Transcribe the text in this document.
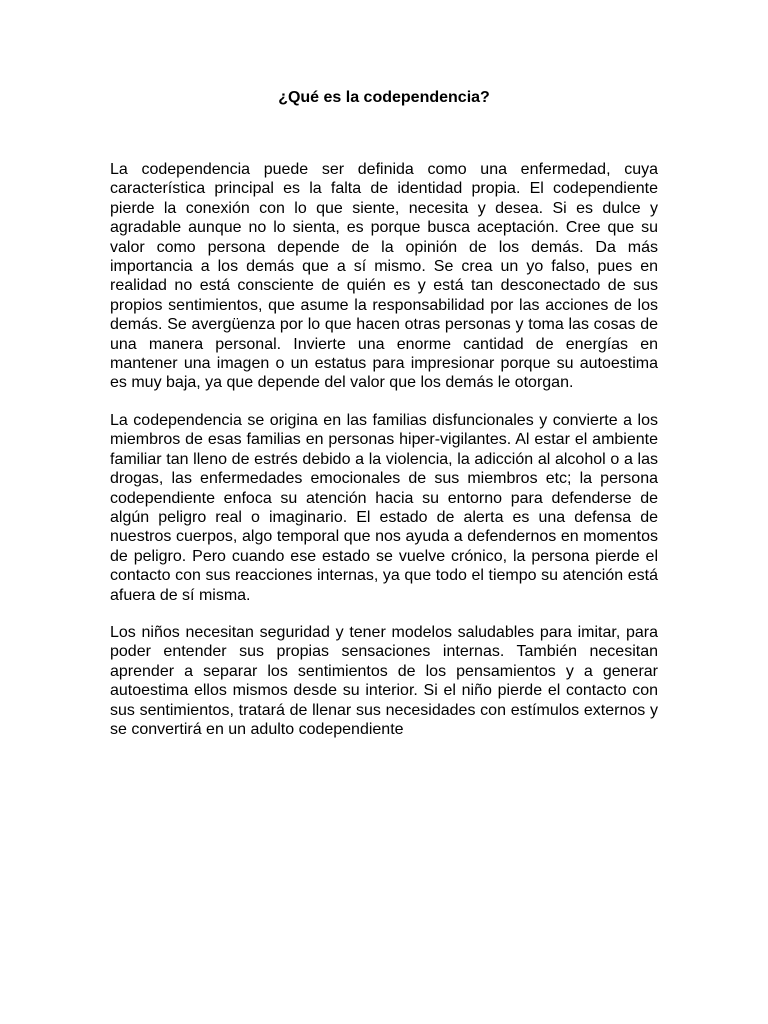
¿Qué es la codependencia?

La codependencia puede ser definida como una enfermedad, cuya característica principal es la falta de identidad propia. El codependiente pierde la conexión con lo que siente, necesita y desea. Si es dulce y agradable aunque no lo sienta, es porque busca aceptación. Cree que su valor como persona depende de la opinión de los demás. Da más importancia a los demás que a sí mismo. Se crea un yo falso, pues en realidad no está consciente de quién es y está tan desconectado de sus propios sentimientos, que asume la responsabilidad por las acciones de los demás. Se avergüenza por lo que hacen otras personas y toma las cosas de una manera personal. Invierte una enorme cantidad de energías en mantener una imagen o un estatus para impresionar porque su autoestima es muy baja, ya que depende del valor que los demás le otorgan.

La codependencia se origina en las familias disfuncionales y convierte a los miembros de esas familias en personas hiper-vigilantes. Al estar el ambiente familiar tan lleno de estrés debido a la violencia, la adicción al alcohol o a las drogas, las enfermedades emocionales de sus miembros etc; la persona codependiente enfoca su atención hacia su entorno para defenderse de algún peligro real o imaginario. El estado de alerta es una defensa de nuestros cuerpos, algo temporal que nos ayuda a defendernos en momentos de peligro. Pero cuando ese estado se vuelve crónico, la persona pierde el contacto con sus reacciones internas, ya que todo el tiempo su atención está afuera de sí misma.

Los niños necesitan seguridad y tener modelos saludables para imitar, para poder entender sus propias sensaciones internas. También necesitan aprender a separar los sentimientos de los pensamientos y a generar autoestima ellos mismos desde su interior. Si el niño pierde el contacto con sus sentimientos, tratará de llenar sus necesidades con estímulos externos y se convertirá en un adulto codependiente
